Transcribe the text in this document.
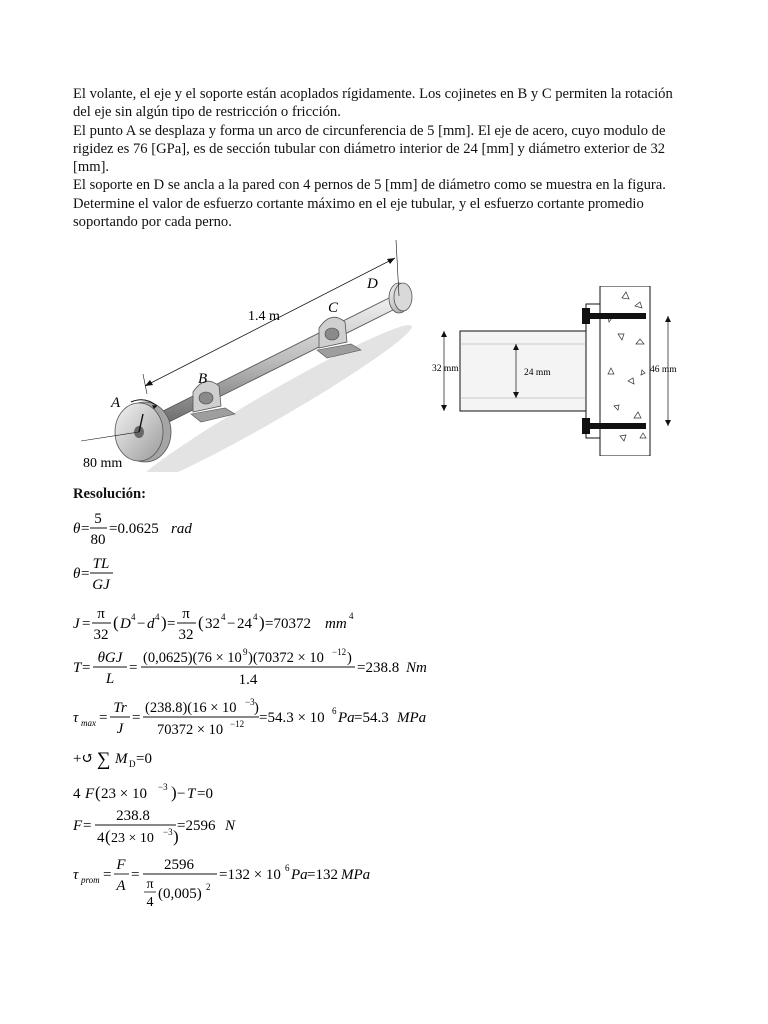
El volante, el eje y el soporte están acoplados rígidamente. Los cojinetes en B y C permiten la rotación del eje sin algún tipo de restricción o fricción.

El punto A se desplaza y forma un arco de circunferencia de 5 [mm]. El eje de acero, cuyo modulo de rigidez es 76 [GPa], es de sección tubular con diámetro interior de 24 [mm] y diámetro exterior de 32 [mm].

El soporte en D se ancla a la pared con 4 pernos de 5 [mm] de diámetro como se muestra en la figura. Determine el valor de esfuerzo cortante máximo en el eje tubular, y el esfuerzo cortante promedio soportando por cada perno.

A
B
C
D
1.4 m
80 mm
32 mm	24 mm	46 mm
Resolución:
θ =
5
80
=0.0625 rad
θ =
TL
GJ
J =
π
32
( D 4 − d 4 ) =
π
32
( 32 4 − 24 4 ) =70372 mm 4
T =
θGJ
L
=
(0,0625)(76 × 10 9 )(70372 × 10 −12 )
1.4
=238.8 Nm
τ max =
Tr
J
=
(238.8)(16 × 10 −3 )
70372 × 10 −12 =54.3 × 10 6 Pa =54.3 MPa
+↺ ∑ M D =0
4 F ( 23 × 10 −3 ) − T =0
F =
238.8
4 ( 23 × 10 −3 )
=2596 N
τ prom =
F
A
=
2596
π
4
(0,005) 2
=132 × 10 6 Pa =132 MPa
